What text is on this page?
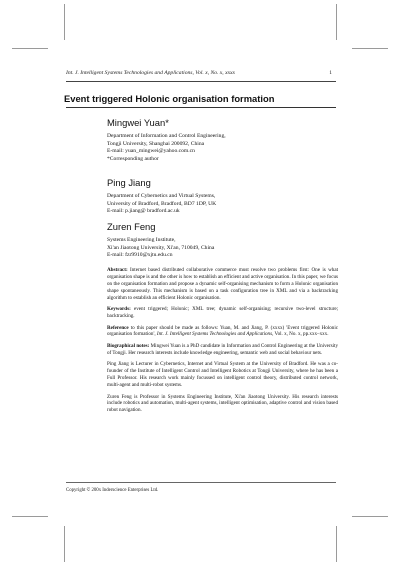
Int. J. Intelligent Systems Technologies and Applications, Vol. x, No. x, xxxx	1
Event triggered Holonic organisation formation
Mingwei Yuan*
Department of Information and Control Engineering,
Tongji University, Shanghai 200092, China
E-mail: yuan_mingwei@yahoo.com.cn
*Corresponding author
Ping Jiang
Department of Cybernetics and Virtual Systems,
University of Bradford, Bradford, BD7 1DP, UK
E-mail: p.jiang@ bradford.ac.uk
Zuren Feng
Systems Engineering Institute,
Xi'an Jiaotong University, Xi'an, 710049, China
E-mail: fzr9910@xjtu.edu.cn

Abstract: Internet based distributed collaborative commerce must resolve two problems first: One is what organisation shape is and the other is how to establish an efficient and active organisation. In this paper, we focus on the organisation formation and propose a dynamic self-organising mechanism to form a Holonic organisation shape spontaneously. This mechanism is based on a task configuration tree in XML and via a backtracking algorithm to establish an efficient Holonic organisation.

Keywords: event triggered; Holonic; XML tree; dynamic self-organising; recursive two-level structure; backtracking.

Reference to this paper should be made as follows: Yuan, M. and Jiang, P. (xxxx) 'Event triggered Holonic organisation formation', Int. J. Intelligent Systems Technologies and Applications, Vol. x, No. x, pp.xxx–xxx.

Biographical notes: Mingwei Yuan is a PhD candidate in Information and Control Engineering at the University of Tongji. Her research interests include knowledge engineering, semantic web and social behaviour nets.

Ping Jiang is Lecturer in Cybernetics, Internet and Virtual System at the University of Bradford. He was a co-founder of the Institute of Intelligent Control and Intelligent Robotics at Tongji University, where he has been a Full Professor. His research work mainly focussed on intelligent control theory, distributed control network, multi-agent and multi-robot systems.

Zuren Feng is Professor in Systems Engineering Institute, Xi'an Jiaotong University. His research interests include robotics and automation, multi-agent systems, intelligent optimisation, adaptive control and vision based robot navigation.

Copyright © 200x Inderscience Enterprises Ltd.
